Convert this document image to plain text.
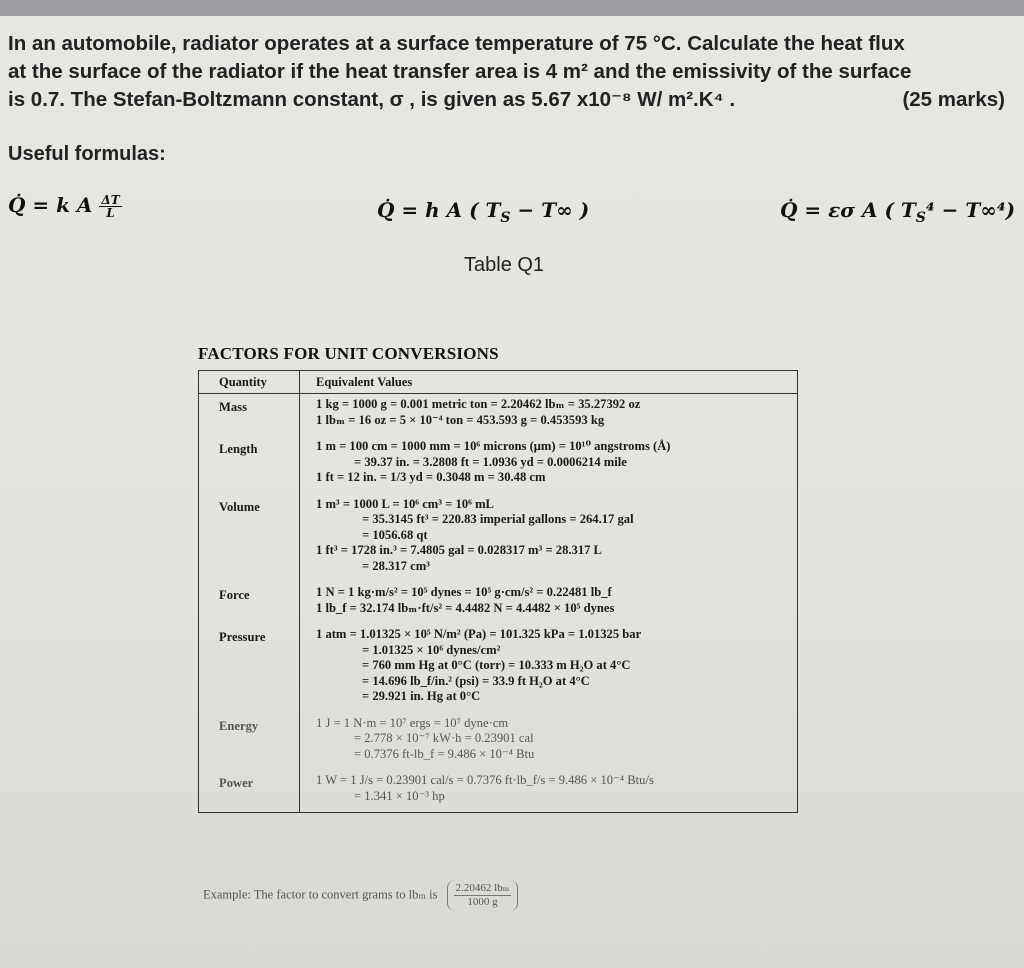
In an automobile, radiator operates at a surface temperature of 75 °C. Calculate the heat flux
at the surface of the radiator if the heat transfer area is 4 m² and the emissivity of the surface
is 0.7. The Stefan-Boltzmann constant, σ , is given as 5.67 x10⁻⁸ W/ m².K⁴ .	(25 marks)
Useful formulas:
Q̇ = k A $\frac{\Delta T}{L}$	Q̇ = h A ( $T_S - T\infty$ )	Q̇ = εσ A ( $T_S^4 - T\infty^4$)
Table Q1
FACTORS FOR UNIT CONVERSIONS
Quantity	Equivalent Values
Mass	1 kg = 1000 g = 0.001 metric ton = 2.20462 lbₘ = 35.27392 oz
1 lbₘ = 16 oz = 5 × 10⁻⁴ ton = 453.593 g = 0.453593 kg

Length	1 m = 100 cm = 1000 mm = 10⁶ microns (μm) = 10¹⁰ angstroms (Å)
= 39.37 in. = 3.2808 ft = 1.0936 yd = 0.0006214 mile
1 ft = 12 in. = 1/3 yd = 0.3048 m = 30.48 cm

Volume	1 m³ = 1000 L = 10⁶ cm³ = 10⁶ mL
= 35.3145 ft³ = 220.83 imperial gallons = 264.17 gal
= 1056.68 qt
1 ft³ = 1728 in.³ = 7.4805 gal = 0.028317 m³ = 28.317 L
= 28.317 cm³

Force	1 N = 1 kg·m/s² = 10⁵ dynes = 10⁵ g·cm/s² = 0.22481 lb_f
1 lb_f = 32.174 lbₘ·ft/s² = 4.4482 N = 4.4482 × 10⁵ dynes

Pressure	1 atm = 1.01325 × 10⁵ N/m² (Pa) = 101.325 kPa = 1.01325 bar
= 1.01325 × 10⁶ dynes/cm²
= 760 mm Hg at 0°C (torr) = 10.333 m H₂O at 4°C
= 14.696 lb_f/in.² (psi) = 33.9 ft H₂O at 4°C
= 29.921 in. Hg at 0°C

Energy	1 J = 1 N·m = 10⁷ ergs = 10⁷ dyne·cm
= 2.778 × 10⁻⁷ kW·h = 0.23901 cal
= 0.7376 ft-lb_f = 9.486 × 10⁻⁴ Btu

Power	1 W = 1 J/s = 0.23901 cal/s = 0.7376 ft·lb_f/s = 9.486 × 10⁻⁴ Btu/s
= 1.341 × 10⁻³ hp
Example: The factor to convert grams to lbₘ is $\frac{\text{2.20462 lbₘ}}{1000 g}$
